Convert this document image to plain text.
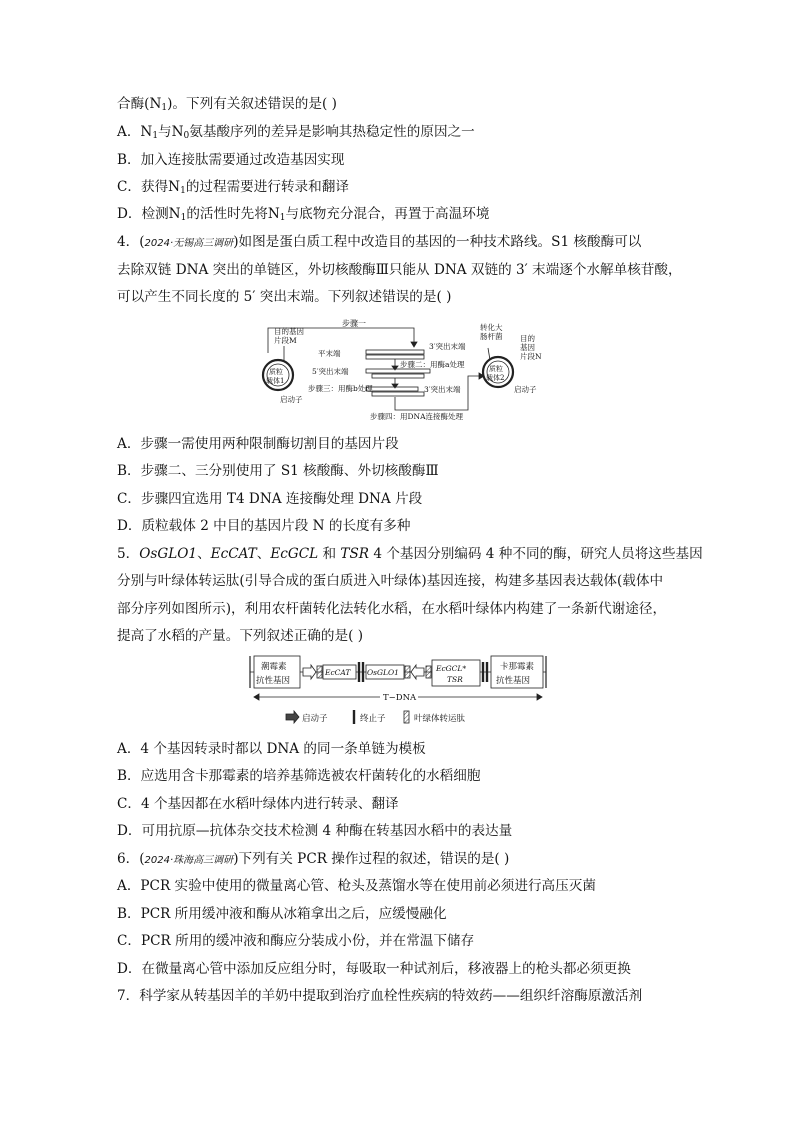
合酶$(N_1)$。下列有关叙述错误的是( )
A．$N_1$与$N_0$氨基酸序列的差异是影响其热稳定性的原因之一
B．加入连接肽需要通过改造基因实现
C．获得$N_1$的过程需要进行转录和翻译
D．检测$N_1$的活性时先将$N_1$与底物充分混合，再置于高温环境
4．(2024·无锡高三调研)如图是蛋白质工程中改造目的基因的一种技术路线。S1 核酸酶可以
去除双链 DNA 突出的单链区，外切核酸酶Ⅲ只能从 DNA 双链的 3′ 末端逐个水解单核苷酸，
可以产生不同长度的 5′ 突出末端。下列叙述错误的是( )
步骤一
目的基因
片段M
平末端
3′突出末端
5′突出末端
步骤二：用酶a处理
步骤三：用酶b处理	3′突出末端
质粒
载体1
启动子
转化大
肠杆菌 目的
基因
片段N
质粒
载体2
启动子
步骤四：用DNA连接酶处理
A．步骤一需使用两种限制酶切割目的基因片段
B．步骤二、三分别使用了 S1 核酸酶、外切核酸酶Ⅲ
C．步骤四宜选用 T4 DNA 连接酶处理 DNA 片段
D．质粒载体 2 中目的基因片段 N 的长度有多种
5．OsGLO1、EcCAT、EcGCL 和 TSR 4 个基因分别编码 4 种不同的酶，研究人员将这些基因
分别与叶绿体转运肽(引导合成的蛋白质进入叶绿体)基因连接，构建多基因表达载体(载体中
部分序列如图所示)，利用农杆菌转化法转化水稻，在水稻叶绿体内构建了一条新代谢途径，
提高了水稻的产量。下列叙述正确的是( )
潮霉素
抗性基因
EcCAT OsGLO1	EcGCL*
TSR
卡那霉素
抗性基因
T−DNA
启动子	终止子	叶绿体转运肽
A．4 个基因转录时都以 DNA 的同一条单链为模板
B．应选用含卡那霉素的培养基筛选被农杆菌转化的水稻细胞
C．4 个基因都在水稻叶绿体内进行转录、翻译
D．可用抗原—抗体杂交技术检测 4 种酶在转基因水稻中的表达量
6．(2024·珠海高三调研)下列有关 PCR 操作过程的叙述，错误的是( )
A．PCR 实验中使用的微量离心管、枪头及蒸馏水等在使用前必须进行高压灭菌
B．PCR 所用缓冲液和酶从冰箱拿出之后，应缓慢融化
C．PCR 所用的缓冲液和酶应分装成小份，并在常温下储存
D．在微量离心管中添加反应组分时，每吸取一种试剂后，移液器上的枪头都必须更换
7．科学家从转基因羊的羊奶中提取到治疗血栓性疾病的特效药——组织纤溶酶原激活剂
